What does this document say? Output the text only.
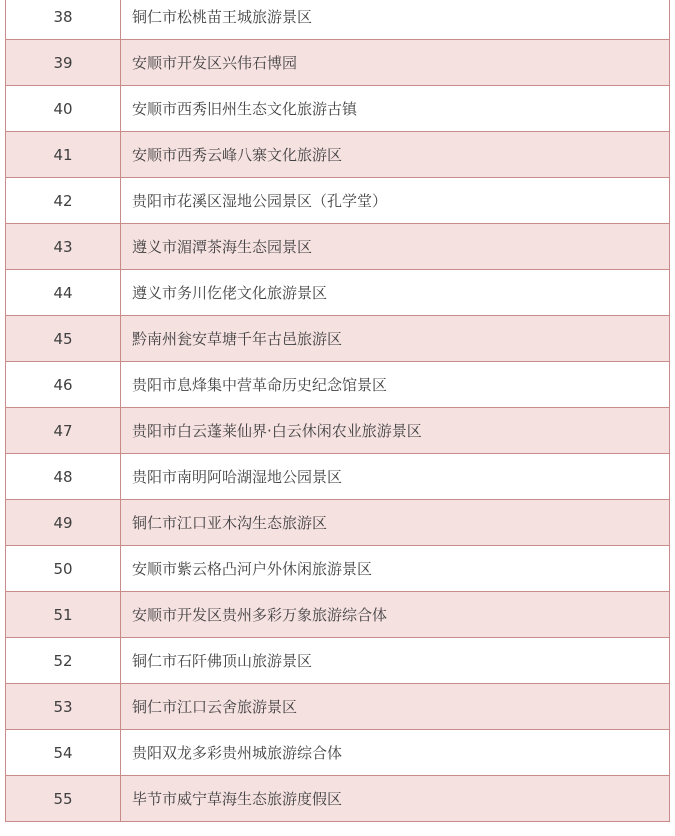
38	铜仁市松桃苗王城旅游景区
39	安顺市开发区兴伟石博园
40	安顺市西秀旧州生态文化旅游古镇
41	安顺市西秀云峰八寨文化旅游区
42	贵阳市花溪区湿地公园景区（孔学堂）
43	遵义市湄潭茶海生态园景区
44	遵义市务川仡佬文化旅游景区
45	黔南州瓮安草塘千年古邑旅游区
46	贵阳市息烽集中营革命历史纪念馆景区
47	贵阳市白云蓬莱仙界·白云休闲农业旅游景区
48	贵阳市南明阿哈湖湿地公园景区
49	铜仁市江口亚木沟生态旅游区
50	安顺市紫云格凸河户外休闲旅游景区
51	安顺市开发区贵州多彩万象旅游综合体
52	铜仁市石阡佛顶山旅游景区
53	铜仁市江口云舍旅游景区
54	贵阳双龙多彩贵州城旅游综合体
55	毕节市威宁草海生态旅游度假区
